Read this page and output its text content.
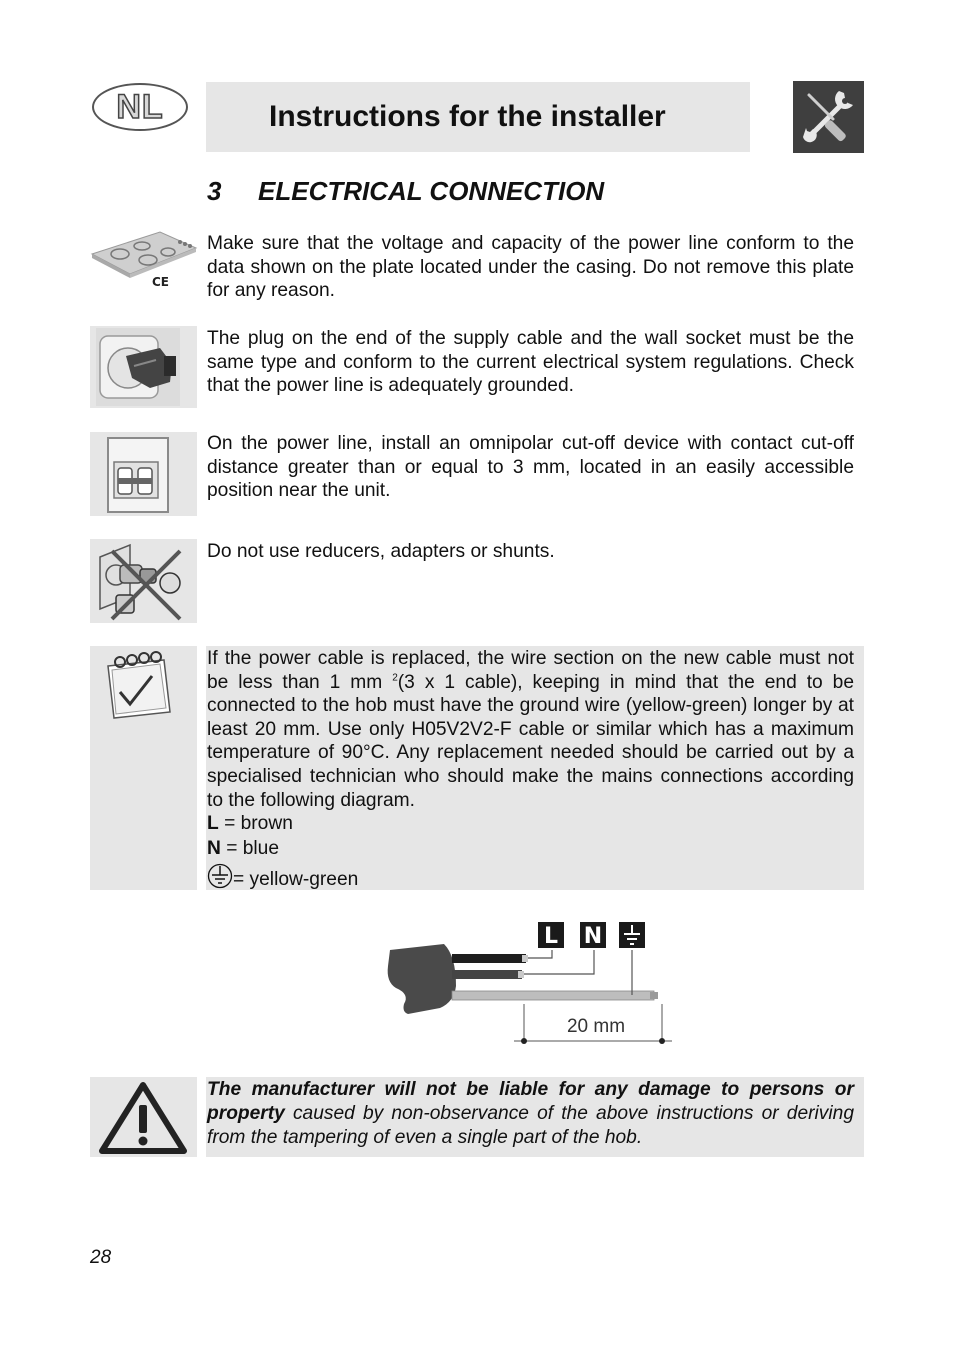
NL	Instructions for the installer
3 ELECTRICAL CONNECTION
CE
Make sure that the voltage and capacity of the power line conform to the data shown on the plate located under the casing. Do not remove this plate for any reason.
The plug on the end of the supply cable and the wall socket must be the same type and conform to the current electrical system regulations. Check that the power line is adequately grounded.
On the power line, install an omnipolar cut-off device with contact cut-off distance greater than or equal to 3 mm, located in an easily accessible position near the unit.
Do not use reducers, adapters or shunts.
If the power cable is replaced, the wire section on the new cable must not be less than 1 mm $^2$(3 x 1 cable), keeping in mind that the end to be connected to the hob must have the ground wire (yellow-green) longer by at least 20 mm. Use only H05V2V2-F cable or similar which has a maximum temperature of 90°C. Any replacement needed should be carried out by a specialised technician who should make the mains connections according to the following diagram.
L = brown
N = blue
= yellow-green
L N
20 mm
The manufacturer will not be liable for any damage to persons or property caused by non-observance of the above instructions or deriving from the tampering of even a single part of the hob.
28
